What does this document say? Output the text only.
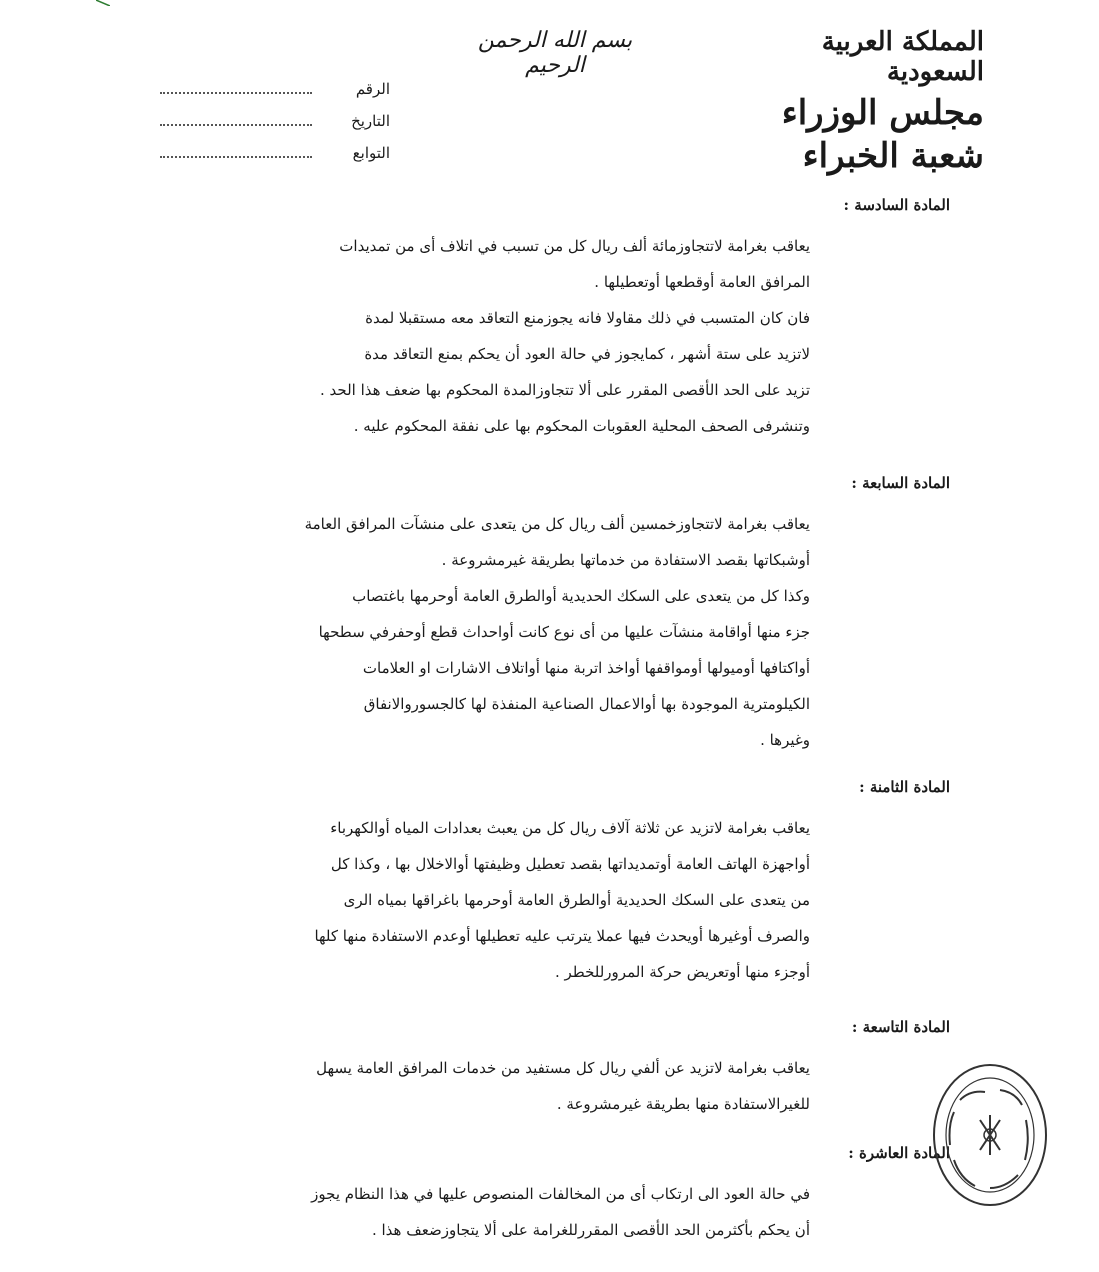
المملكة العربية السعودية
مجلس الوزراء
شعبة الخبراء
بسم الله الرحمن الرحيم
الرقم
التاريخ
التوابع
المادة السادسة :

يعاقب بغرامة لاتتجاوزمائة ألف ريال كل من تسبب في اتلاف أى من تمديدات

المرافق العامة أوقطعها أوتعطيلها .

فان كان المتسبب في ذلك مقاولا فانه يجوزمنع التعاقد معه مستقبلا لمدة

لاتزيد على ستة أشهر ، كمايجوز في حالة العود أن يحكم بمنع التعاقد مدة

تزيد على الحد الأقصى المقرر على ألا تتجاوزالمدة المحكوم بها ضعف هذا الحد .

وتنشرفى الصحف المحلية العقوبات المحكوم بها على نفقة المحكوم عليه .

المادة السابعة :

يعاقب بغرامة لاتتجاوزخمسين ألف ريال كل من يتعدى على منشآت المرافق العامة

أوشبكاتها بقصد الاستفادة من خدماتها بطريقة غيرمشروعة .

وكذا كل من يتعدى على السكك الحديدية أوالطرق العامة أوحرمها باغتصاب

جزء منها أواقامة منشآت عليها من أى نوع كانت أواحداث قطع أوحفرفي سطحها

أواكتافها أوميولها أومواقفها أواخذ اتربة منها أواتلاف الاشارات او العلامات

الكيلومترية الموجودة بها أوالاعمال الصناعية المنفذة لها كالجسوروالانفاق

وغيرها .

المادة الثامنة :

يعاقب بغرامة لاتزيد عن ثلاثة آلاف ريال كل من يعبث بعدادات المياه أوالكهرباء

أواجهزة الهاتف العامة أوتمديداتها بقصد تعطيل وظيفتها أوالاخلال بها ، وكذا كل

من يتعدى على السكك الحديدية أوالطرق العامة أوحرمها باغراقها بمياه الرى

والصرف أوغيرها أويحدث فيها عملا يترتب عليه تعطيلها أوعدم الاستفادة منها كلها

أوجزء منها أوتعريض حركة المرورللخطر .

المادة التاسعة :

يعاقب بغرامة لاتزيد عن ألفي ريال كل مستفيد من خدمات المرافق العامة يسهل

للغيرالاستفادة منها بطريقة غيرمشروعة .

المادة العاشرة :

في حالة العود الى ارتكاب أى من المخالفات المنصوص عليها في هذا النظام يجوز

أن يحكم بأكثرمن الحد الأقصى المقررللغرامة على ألا يتجاوزضعف هذا .
